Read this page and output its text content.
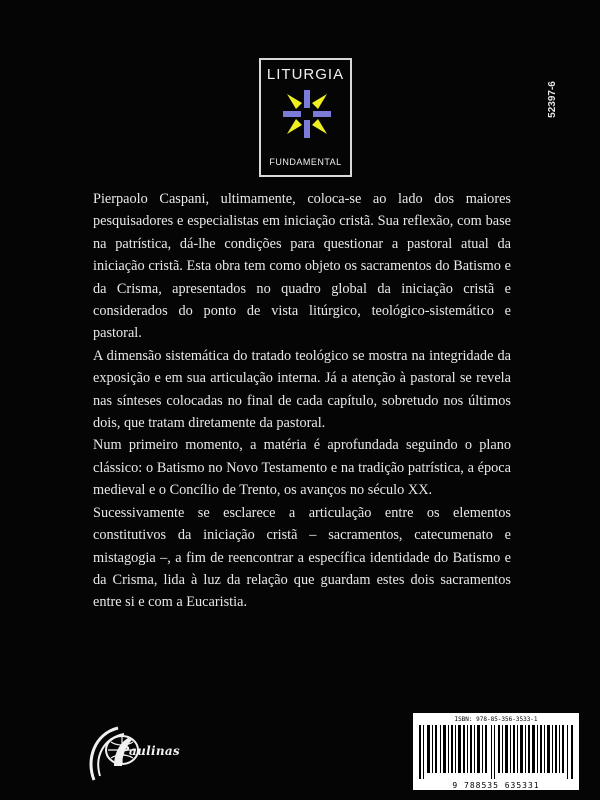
LITURGIA
FUNDAMENTAL
52397-6

Pierpaolo Caspani, ultimamente, coloca-se ao lado dos maiores pesquisadores e especialistas em iniciação cristã. Sua reflexão, com base na patrística, dá-lhe condições para questionar a pastoral atual da iniciação cristã. Esta obra tem como objeto os sacramentos do Batismo e da Crisma, apresentados no quadro global da iniciação cristã e considerados do ponto de vista litúrgico, teológico-sistemático e pastoral.

A dimensão sistemática do tratado teológico se mostra na integridade da exposição e em sua articulação interna. Já a atenção à pastoral se revela nas sínteses colocadas no final de cada capítulo, sobretudo nos últimos dois, que tratam diretamente da pastoral.

Num primeiro momento, a matéria é aprofundada seguindo o plano clássico: o Batismo no Novo Testamento e na tradição patrística, a época medieval e o Concílio de Trento, os avanços no século XX.

Sucessivamente se esclarece a articulação entre os elementos constitutivos da iniciação cristã – sacramentos, catecumenato e mistagogia –, a fim de reencontrar a específica identidade do Batismo e da Crisma, lida à luz da relação que guardam estes dois sacramentos entre si e com a Eucaristia.

Paulinas
ISBN: 978-85-356-3533-1
9 788535 635331
